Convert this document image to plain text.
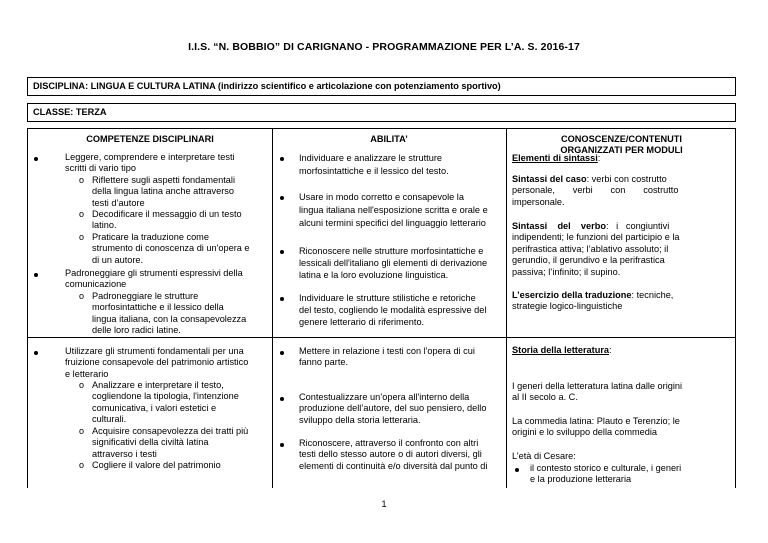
I.I.S. “N. BOBBIO” DI CARIGNANO - PROGRAMMAZIONE PER L’A. S. 2016-17
DISCIPLINA: LINGUA E CULTURA LATINA (indirizzo scientifico e articolazione con potenziamento sportivo)
CLASSE: TERZA
COMPETENZE DISCIPLINARI	ABILITA’	CONOSCENZE/CONTENUTI
ORGANIZZATI PER MODULI
Leggere, comprendere e interpretare testi
scritti di vario tipo
o Riflettere sugli aspetti fondamentali
della lingua latina anche attraverso
testi d’autore
o Decodificare il messaggio di un testo
latino.
o Praticare la traduzione come
strumento di conoscenza di un'opera e
di un autore.
Padroneggiare gli strumenti espressivi della
comunicazione
o Padroneggiare le strutture
morfosintattiche e il lessico della
lingua italiana, con la consapevolezza
delle loro radici latine.
Individuare e analizzare le strutture
morfosintattiche e il lessico del testo.
Usare in modo corretto e consapevole la
lingua italiana nell'esposizione scritta e orale e
alcuni termini specifici del linguaggio letterario
Riconoscere nelle strutture morfosintattiche e
lessicali dell'italiano gli elementi di derivazione
latina e la loro evoluzione linguistica.
Individuare le strutture stilistiche e retoriche
del testo, cogliendo le modalità espressive del
genere letterario di riferimento.
Elementi di sintassi:
Sintassi del caso: verbi con costrutto
personale,       verbi       con       costrutto
impersonale.
Sintassi    del    verbo:   i   congiuntivi
indipendenti; le funzioni del participio e la
perifrastica attiva; l’ablativo assoluto; il
gerundio, il gerundivo e la perifrastica
passiva; l’infinito; il supino.
L’esercizio della traduzione: tecniche,
strategie logico-linguistiche
Utilizzare gli strumenti fondamentali per una
fruizione consapevole del patrimonio artistico
e letterario
o Analizzare e interpretare il testo,
cogliendone la tipologia, l'intenzione
comunicativa, i valori estetici e
culturali.
o Acquisire consapevolezza dei tratti più
significativi della civiltà latina
attraverso i testi
o Cogliere il valore del patrimonio
Mettere in relazione i testi con l'opera di cui
fanno parte.
Contestualizzare un’opera all'interno della
produzione dell’autore, del suo pensiero, dello
sviluppo della storia letteraria.
Riconoscere, attraverso il confronto con altri
testi dello stesso autore o di autori diversi, gli
elementi di continuità e/o diversità dal punto di
Storia della letteratura:
I generi della letteratura latina dalle origini
al II secolo a. C.
La commedia latina: Plauto e Terenzio; le
origini e lo sviluppo della commedia
L’età di Cesare:
il contesto storico e culturale, i generi
e la produzione letteraria
1
